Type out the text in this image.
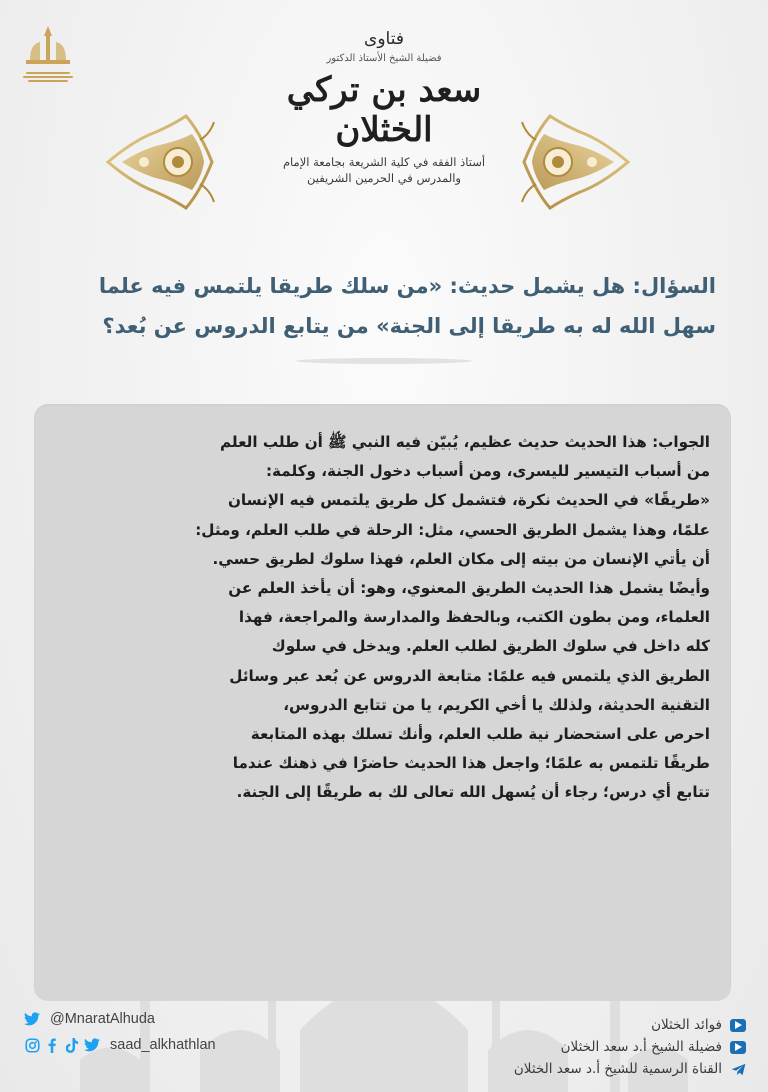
فتاوى

فضيلة الشيخ الأستاذ الدكتور

سعد بن تركي الخثلان

أستاذ الفقه في كلية الشريعة بجامعة الإمام

والمدرس في الحرمين الشريفين

السؤال: هل يشمل حديث: «من سلك طريقا يلتمس فيه علما
سهل الله له به طريقا إلى الجنة» من يتابع الدروس عن بُعد؟

الجواب: هذا الحديث حديث عظيم، يُبيّن فيه النبي ﷺ أن طلب العلم

من أسباب التيسير لليسرى، ومن أسباب دخول الجنة، وكلمة:

«طريقًا» في الحديث نكرة، فتشمل كل طريق يلتمس فيه الإنسان

علمًا، وهذا يشمل الطريق الحسي، مثل: الرحلة في طلب العلم، ومثل:

أن يأتي الإنسان من بيته إلى مكان العلم، فهذا سلوك لطريق حسي.

وأيضًا يشمل هذا الحديث الطريق المعنوي، وهو: أن يأخذ العلم عن

العلماء، ومن بطون الكتب، وبالحفظ والمدارسة والمراجعة، فهذا

كله داخل في سلوك الطريق لطلب العلم. ويدخل في سلوك

الطريق الذي يلتمس فيه علمًا: متابعة الدروس عن بُعد عبر وسائل

التقنية الحديثة، ولذلك يا أخي الكريم، يا من تتابع الدروس،

احرص على استحضار نية طلب العلم، وأنك تسلك بهذه المتابعة

طريقًا تلتمس به علمًا؛ واجعل هذا الحديث حاضرًا في ذهنك عندما

تتابع أي درس؛ رجاء أن يُسهل الله تعالى لك به طريقًا إلى الجنة.

@MnaratAlhuda
saad_alkhathlan
فوائد الخثلان
فضيلة الشيخ أ.د سعد الخثلان
القناة الرسمية للشيخ أ.د سعد الخثلان
